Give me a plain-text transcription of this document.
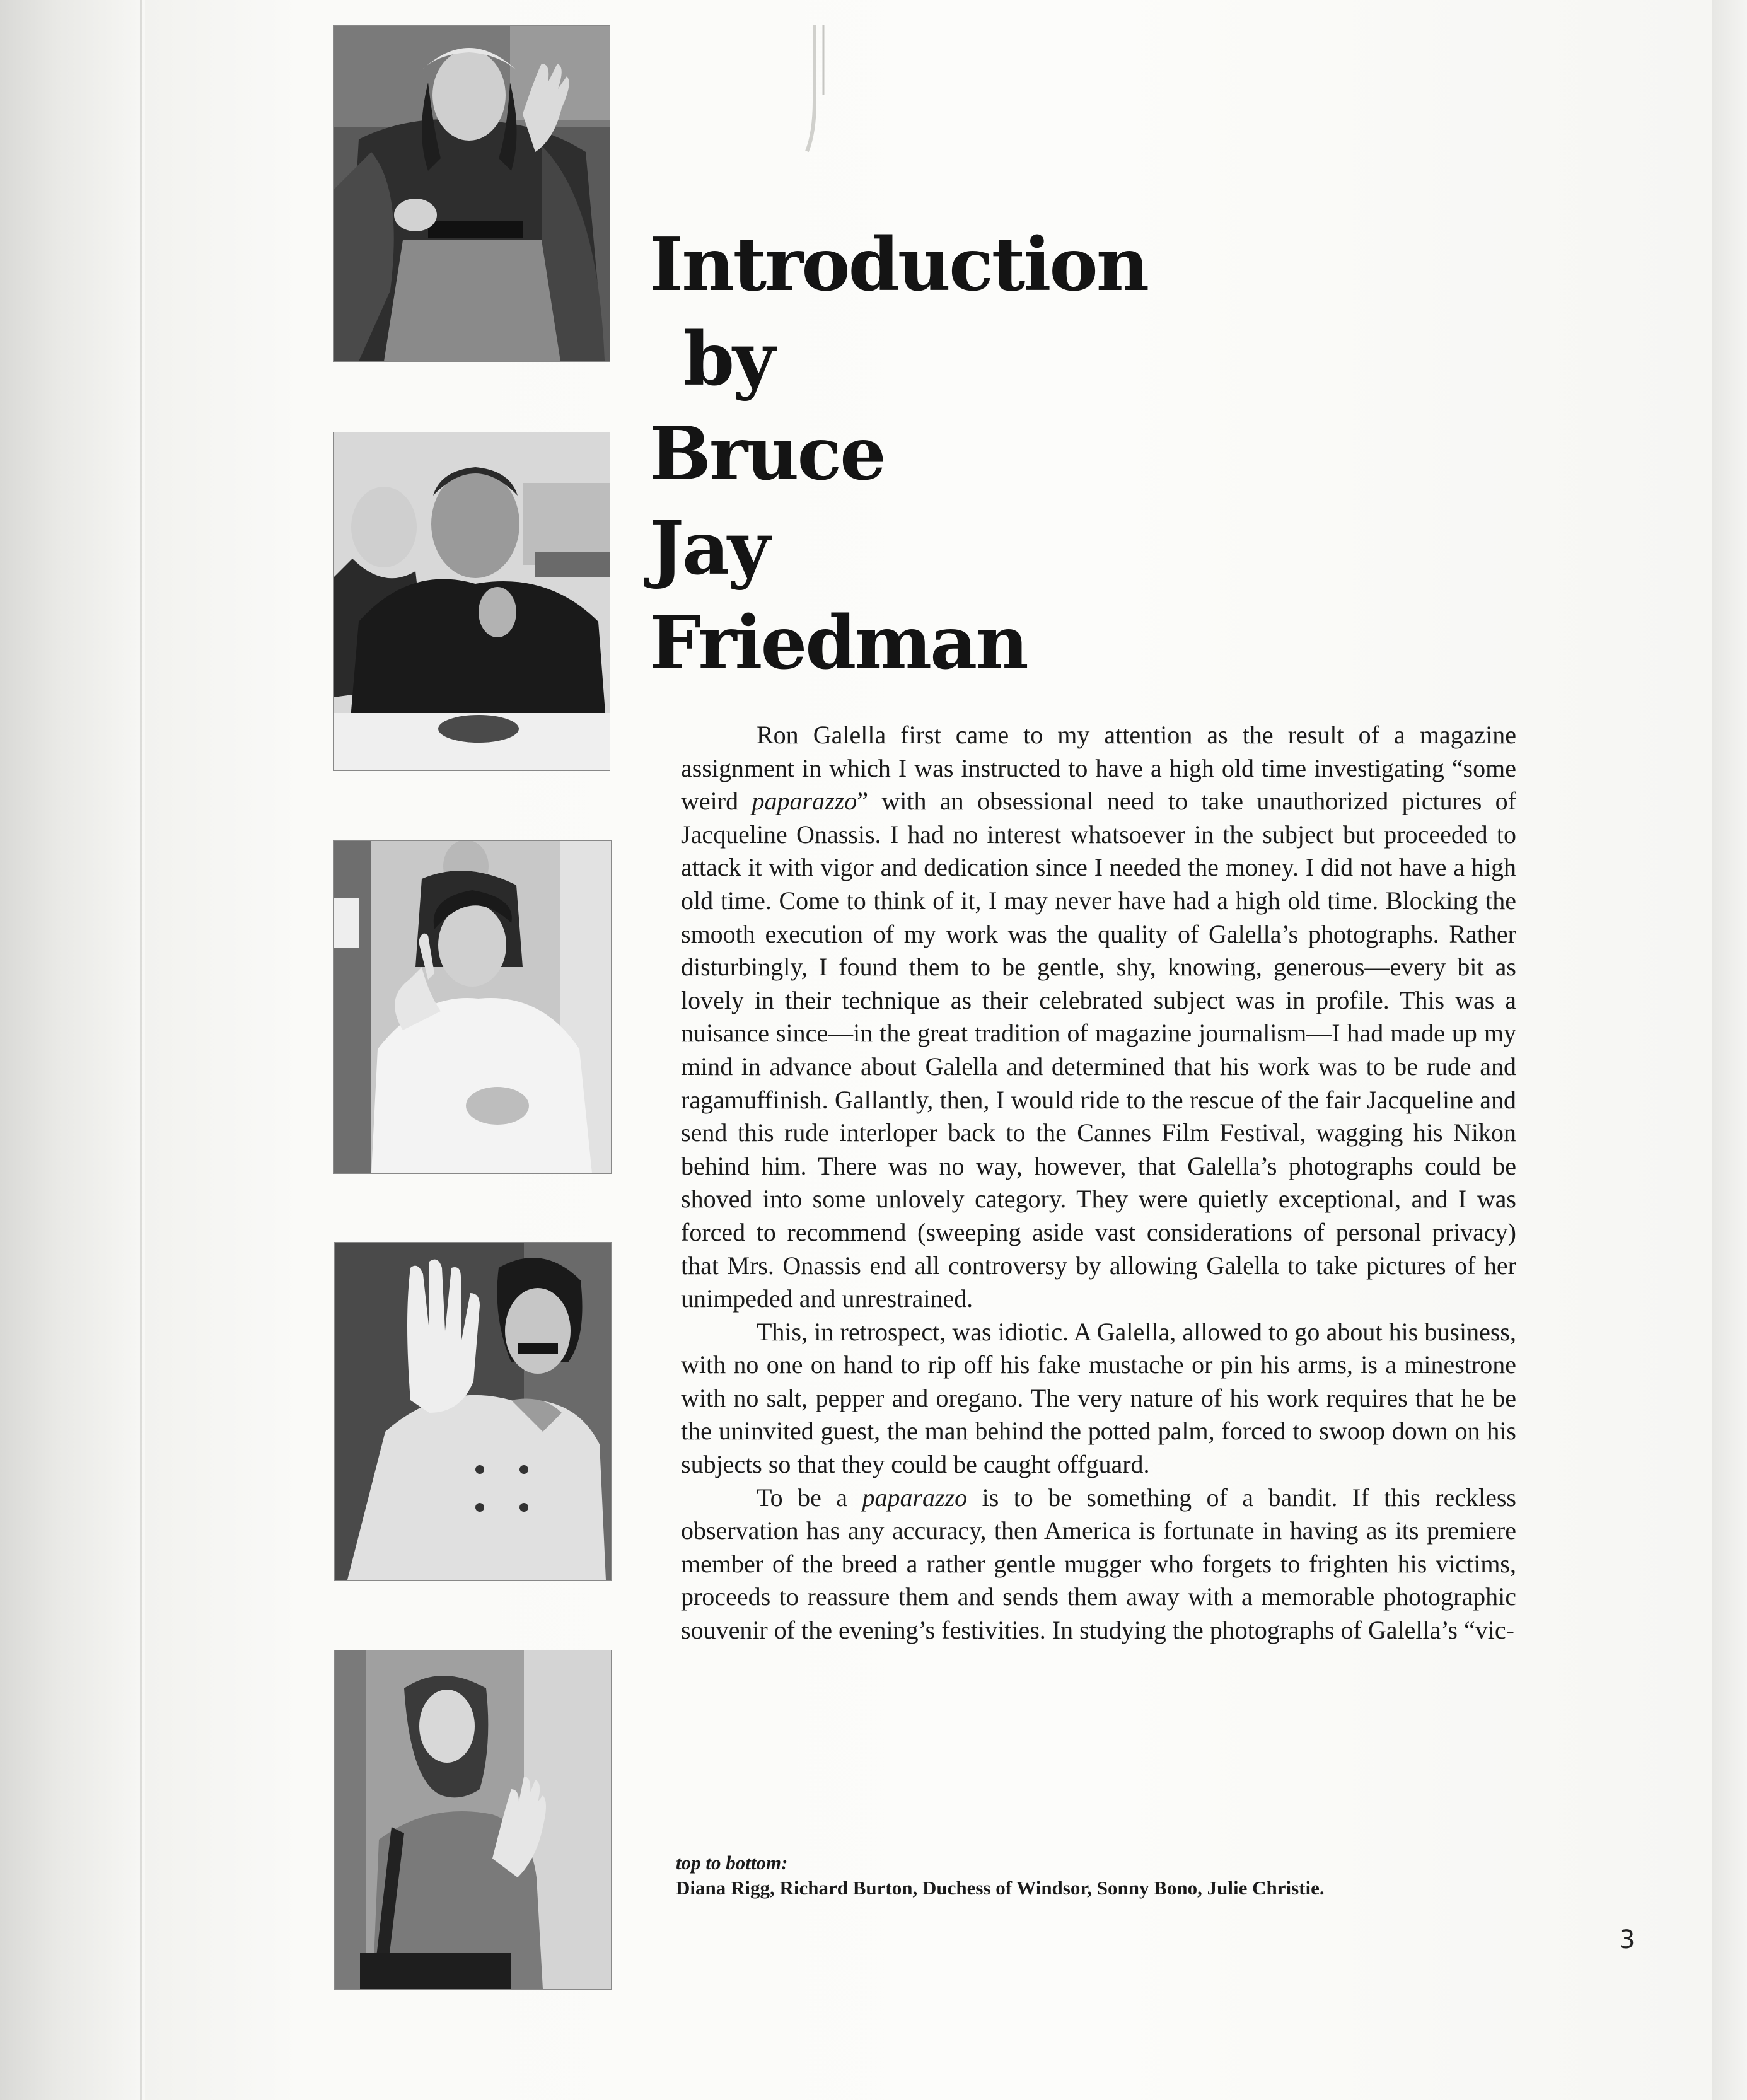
Introduction
by
Bruce
Jay
Friedman

Ron Galella first came to my attention as the result of a magazine assignment in which I was instructed to have a high old time investigating “some weird paparazzo” with an obsessional need to take unauthorized pictures of Jacqueline Onassis. I had no interest whatsoever in the subject but proceeded to attack it with vigor and dedication since I needed the money. I did not have a high old time. Come to think of it, I may never have had a high old time. Blocking the smooth execution of my work was the quality of Galella’s photographs. Rather disturbingly, I found them to be gentle, shy, knowing, generous—every bit as lovely in their technique as their celebrated subject was in profile. This was a nuisance since—in the great tradition of magazine journalism—I had made up my mind in advance about Galella and determined that his work was to be rude and ragamuffinish. Gallantly, then, I would ride to the rescue of the fair Jacqueline and send this rude interloper back to the Cannes Film Festival, wagging his Nikon behind him. There was no way, however, that Galella’s photographs could be shoved into some unlovely category. They were quietly exceptional, and I was forced to recommend (sweeping aside vast considerations of personal privacy) that Mrs. Onassis end all controversy by allowing Galella to take pictures of her unimpeded and unrestrained.

This, in retrospect, was idiotic. A Galella, allowed to go about his business, with no one on hand to rip off his fake mustache or pin his arms, is a minestrone with no salt, pepper and oregano. The very nature of his work requires that he be the uninvited guest, the man behind the potted palm, forced to swoop down on his subjects so that they could be caught offguard.

To be a paparazzo is to be something of a bandit. If this reckless observation has any accuracy, then America is fortunate in having as its premiere member of the breed a rather gentle mugger who forgets to frighten his victims, proceeds to reassure them and sends them away with a memorable photographic souvenir of the evening’s festivities. In studying the photographs of Galella’s “vic-

top to bottom:
Diana Rigg, Richard Burton, Duchess of Windsor, Sonny Bono, Julie Christie.
3
